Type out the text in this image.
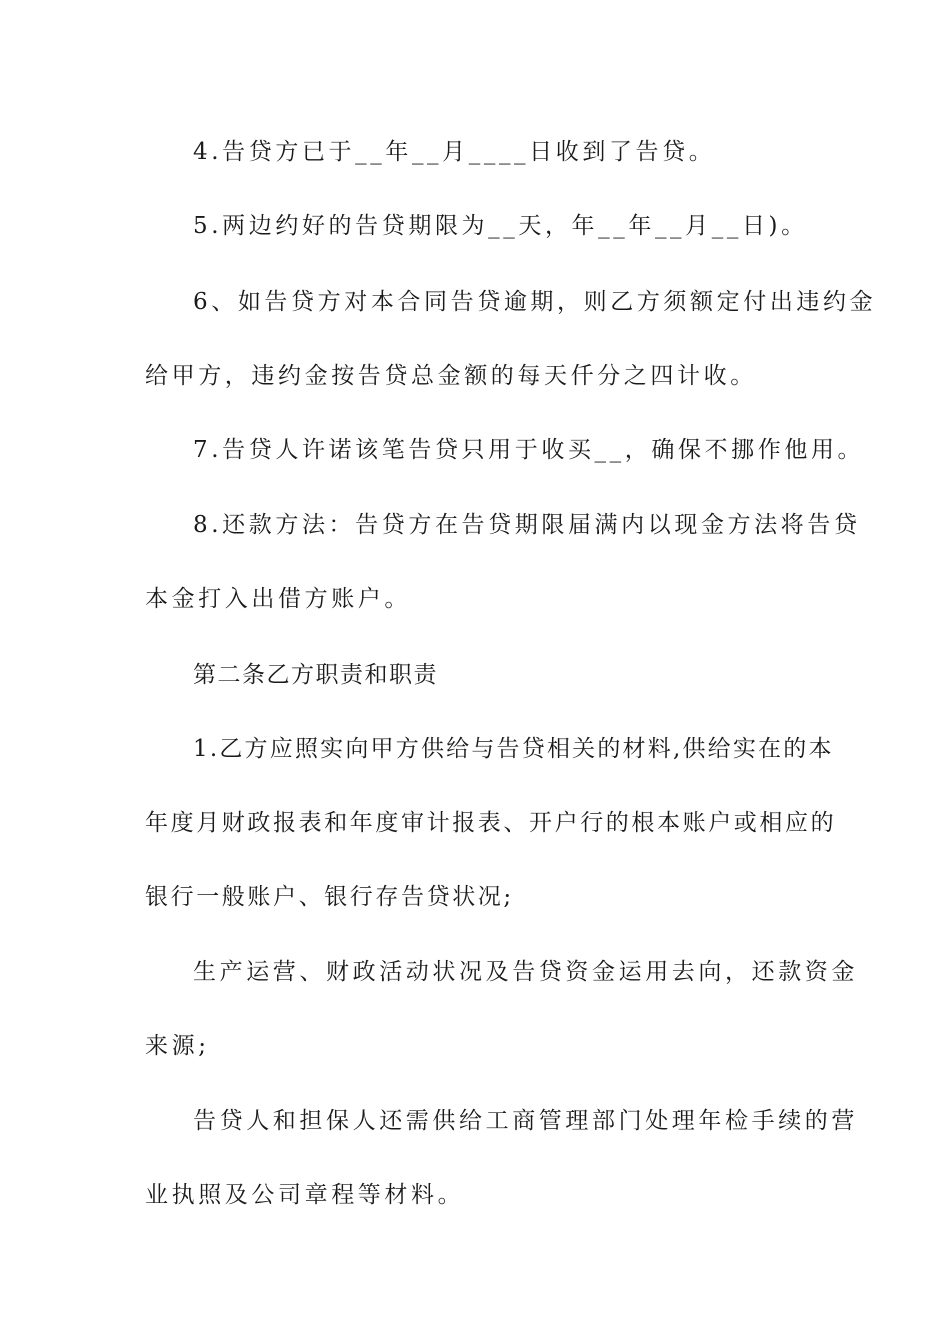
4.告贷方已于__年__月____日收到了告贷。
5.两边约好的告贷期限为__天，年__年__月__日)。
6、如告贷方对本合同告贷逾期，则乙方须额定付出违约金
给甲方，违约金按告贷总金额的每天仟分之四计收。
7.告贷人许诺该笔告贷只用于收买__，确保不挪作他用。
8.还款方法：告贷方在告贷期限届满内以现金方法将告贷
本金打入出借方账户。
第二条乙方职责和职责
1.乙方应照实向甲方供给与告贷相关的材料,供给实在的本
年度月财政报表和年度审计报表、开户行的根本账户或相应的
银行一般账户、银行存告贷状况;
生产运营、财政活动状况及告贷资金运用去向，还款资金
来源;
告贷人和担保人还需供给工商管理部门处理年检手续的营
业执照及公司章程等材料。
